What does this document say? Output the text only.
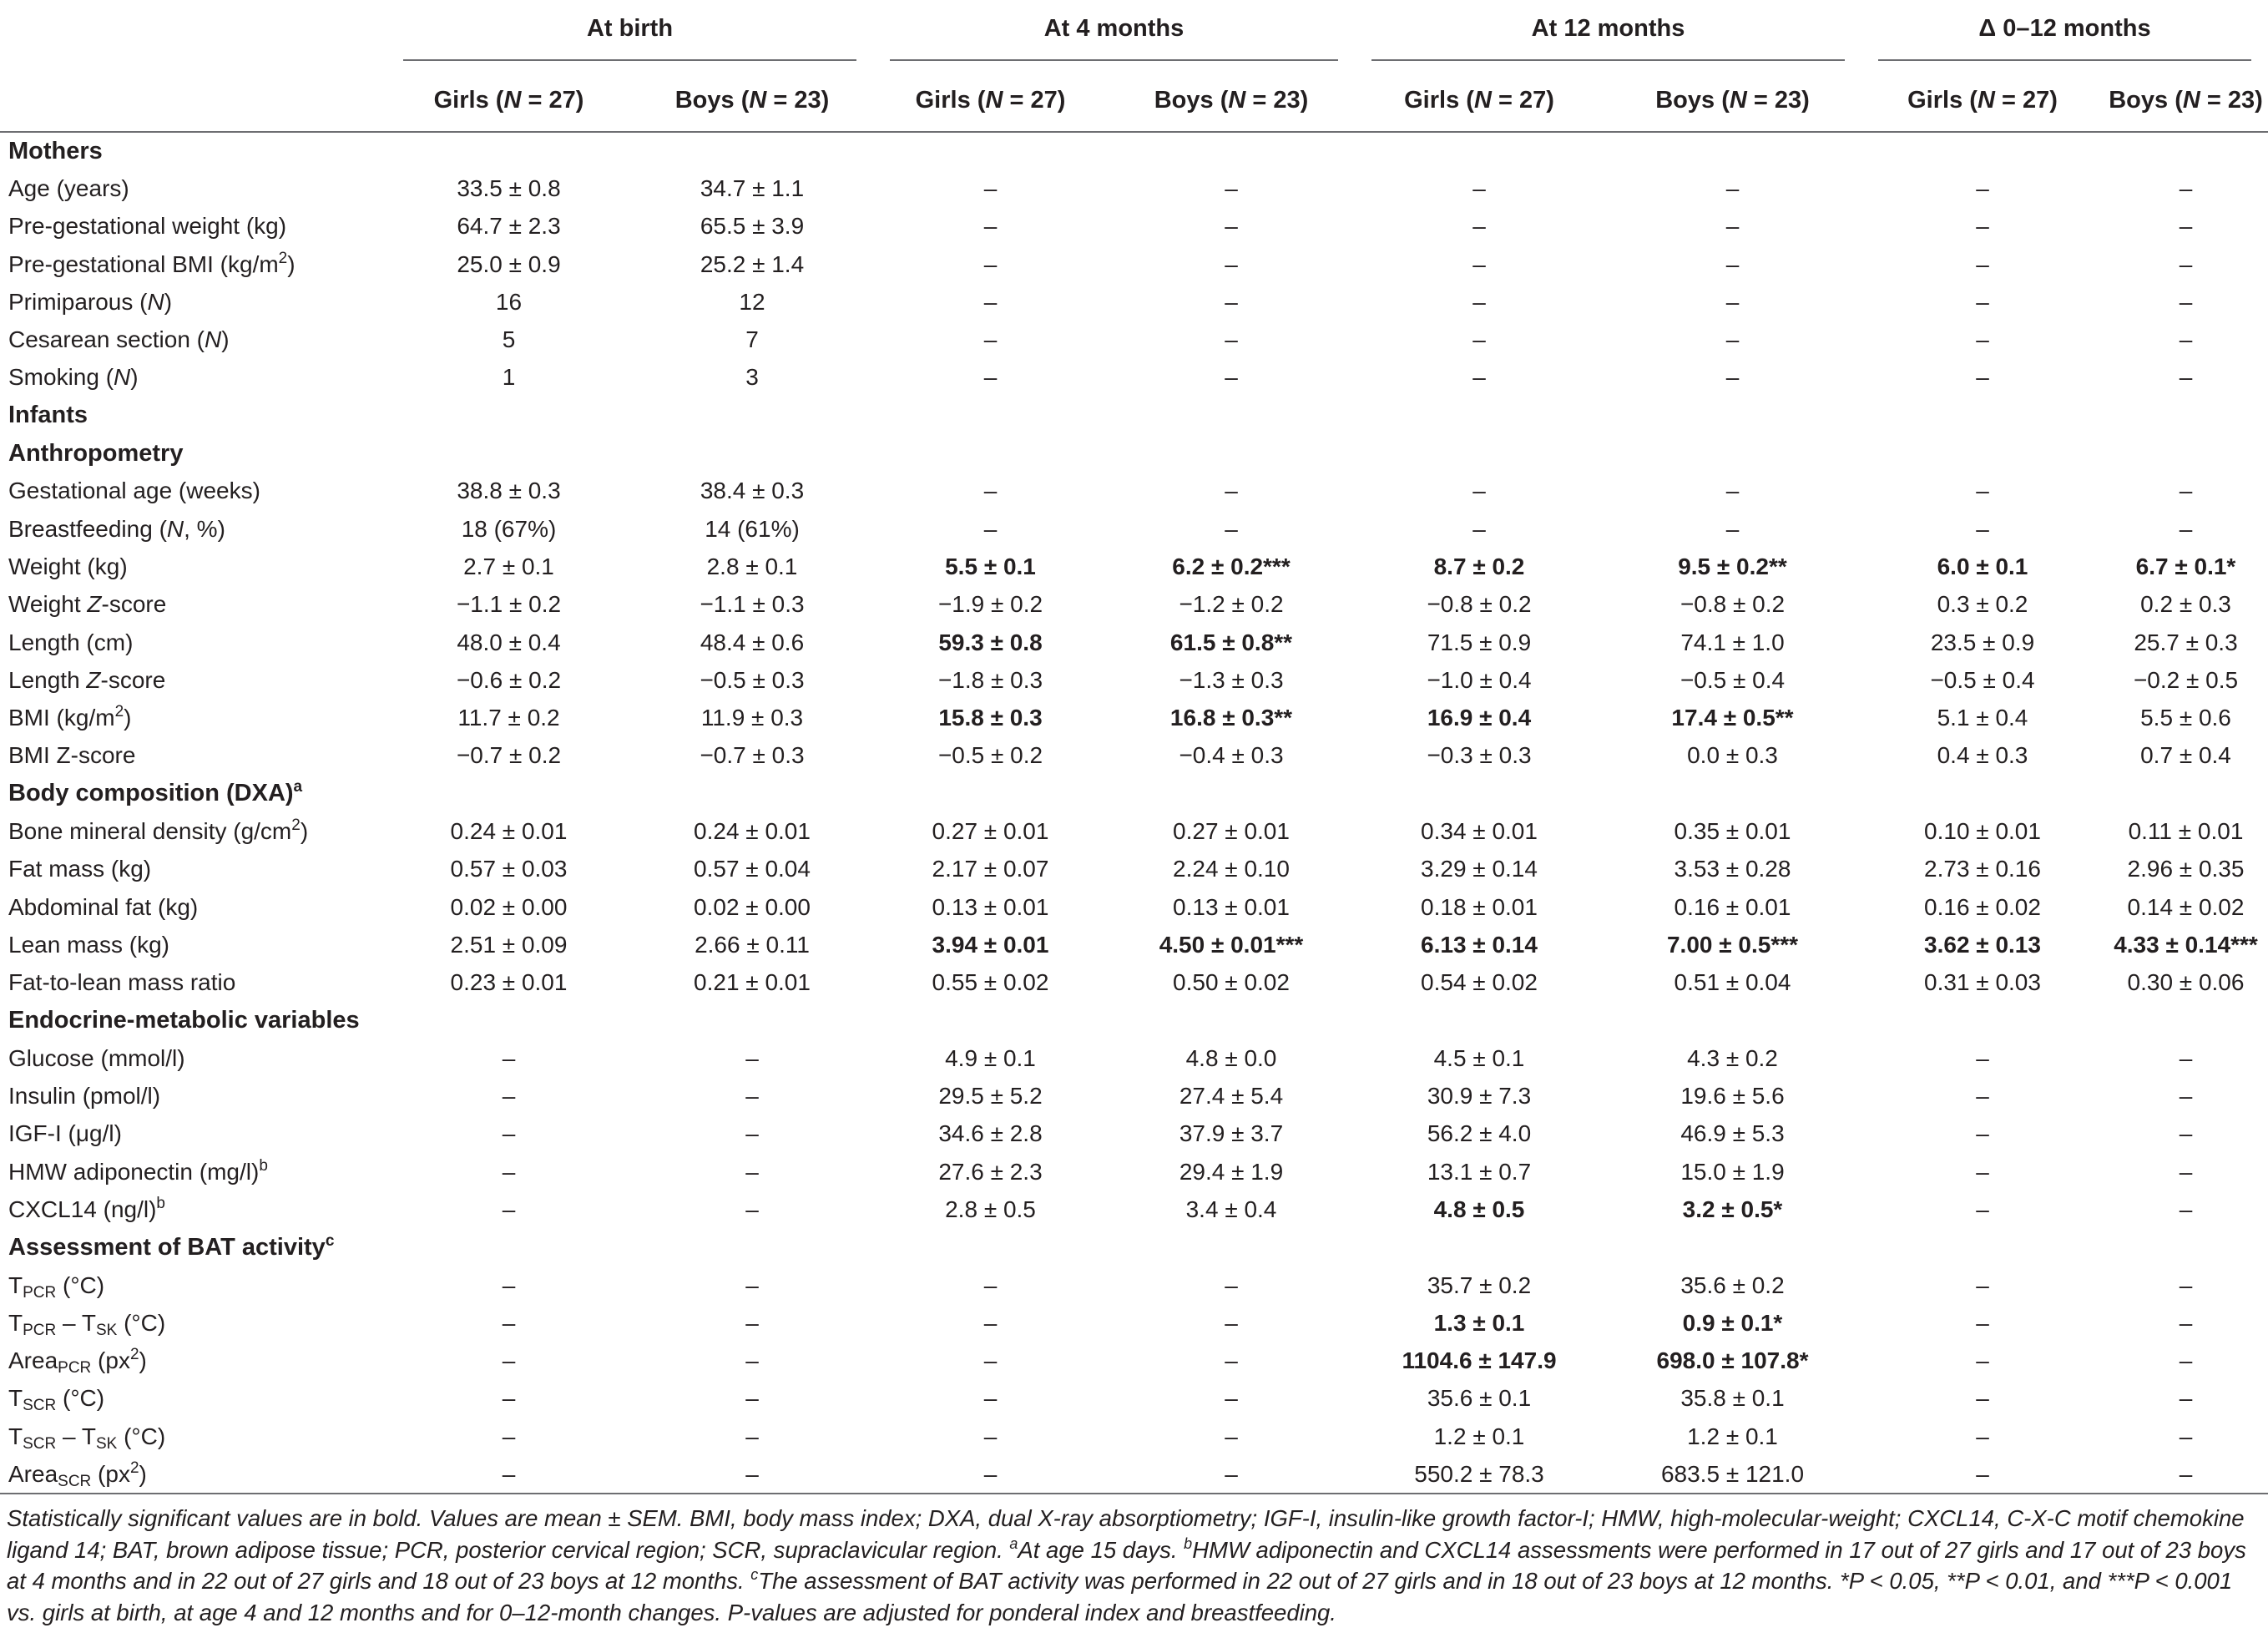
	At birth		At 4 months		At 12 months		Δ 0–12 months	

	Girls (N = 27)	Boys (N = 23)	Girls (N = 27)	Boys (N = 23)	Girls (N = 27)	Boys (N = 23)	Girls (N = 27)	Boys (N = 23)
Mothers								
Age (years)	33.5 ± 0.8	34.7 ± 1.1	–	–	–	–	–	–
Pre-gestational weight (kg)	64.7 ± 2.3	65.5 ± 3.9	–	–	–	–	–	–
Pre-gestational BMI $(kg/m^2)$	25.0 ± 0.9	25.2 ± 1.4	–	–	–	–	–	–
Primiparous (N)	16	12	–	–	–	–	–	–
Cesarean section (N)	5	7	–	–	–	–	–	–
Smoking (N)	1	3	–	–	–	–	–	–
Infants								
Anthropometry								
Gestational age (weeks)	38.8 ± 0.3	38.4 ± 0.3	–	–	–	–	–	–
Breastfeeding (N, %)	18 (67%)	14 (61%)	–	–	–	–	–	–
Weight (kg)	2.7 ± 0.1	2.8 ± 0.1	5.5 ± 0.1	6.2 ± 0.2***	8.7 ± 0.2	9.5 ± 0.2**	6.0 ± 0.1	6.7 ± 0.1*
Weight Z-score	−1.1 ± 0.2	−1.1 ± 0.3	−1.9 ± 0.2	−1.2 ± 0.2	−0.8 ± 0.2	−0.8 ± 0.2	0.3 ± 0.2	0.2 ± 0.3
Length (cm)	48.0 ± 0.4	48.4 ± 0.6	59.3 ± 0.8	61.5 ± 0.8**	71.5 ± 0.9	74.1 ± 1.0	23.5 ± 0.9	25.7 ± 0.3
Length Z-score	−0.6 ± 0.2	−0.5 ± 0.3	−1.8 ± 0.3	−1.3 ± 0.3	−1.0 ± 0.4	−0.5 ± 0.4	−0.5 ± 0.4	−0.2 ± 0.5
BMI $(kg/m^2)$	11.7 ± 0.2	11.9 ± 0.3	15.8 ± 0.3	16.8 ± 0.3**	16.9 ± 0.4	17.4 ± 0.5**	5.1 ± 0.4	5.5 ± 0.6
BMI Z-score	−0.7 ± 0.2	−0.7 ± 0.3	−0.5 ± 0.2	−0.4 ± 0.3	−0.3 ± 0.3	0.0 ± 0.3	0.4 ± 0.3	0.7 ± 0.4
Body composition (DXA)$^a$
Bone mineral density $(g/cm^2)$	0.24 ± 0.01	0.24 ± 0.01	0.27 ± 0.01	0.27 ± 0.01	0.34 ± 0.01	0.35 ± 0.01	0.10 ± 0.01	0.11 ± 0.01
Fat mass (kg)	0.57 ± 0.03	0.57 ± 0.04	2.17 ± 0.07	2.24 ± 0.10	3.29 ± 0.14	3.53 ± 0.28	2.73 ± 0.16	2.96 ± 0.35
Abdominal fat (kg)	0.02 ± 0.00	0.02 ± 0.00	0.13 ± 0.01	0.13 ± 0.01	0.18 ± 0.01	0.16 ± 0.01	0.16 ± 0.02	0.14 ± 0.02
Lean mass (kg)	2.51 ± 0.09	2.66 ± 0.11	3.94 ± 0.01	4.50 ± 0.01***	6.13 ± 0.14	7.00 ± 0.5***	3.62 ± 0.13	4.33 ± 0.14***
Fat-to-lean mass ratio	0.23 ± 0.01	0.21 ± 0.01	0.55 ± 0.02	0.50 ± 0.02	0.54 ± 0.02	0.51 ± 0.04	0.31 ± 0.03	0.30 ± 0.06
Endocrine-metabolic variables								
Glucose (mmol/l)	–	–	4.9 ± 0.1	4.8 ± 0.0	4.5 ± 0.1	4.3 ± 0.2	–	–
Insulin (pmol/l)	–	–	29.5 ± 5.2	27.4 ± 5.4	30.9 ± 7.3	19.6 ± 5.6	–	–
IGF-I (μg/l)	–	–	34.6 ± 2.8	37.9 ± 3.7	56.2 ± 4.0	46.9 ± 5.3	–	–
HMW adiponectin $(mg/l)^b$	–	–	27.6 ± 2.3	29.4 ± 1.9	13.1 ± 0.7	15.0 ± 1.9	–	–
CXCL14 $(ng/l)^b$	–	–	2.8 ± 0.5	3.4 ± 0.4	4.8 ± 0.5	3.2 ± 0.5*	–	–
Assessment of BAT activity$^c$
$T_{PCR}$ (°C)	–	–	–	–	35.7 ± 0.2	35.6 ± 0.2	–	–
$T_{PCR} - T_{SK}$ (°C)	–	–	–	–	1.3 ± 0.1	0.9 ± 0.1*	–	–
Area$_{PCR}$ $(px^2)$	–	–	–	–	1104.6 ± 147.9	698.0 ± 107.8*	–	–
$T_{SCR}$ (°C)	–	–	–	–	35.6 ± 0.1	35.8 ± 0.1	–	–
$T_{SCR} - T_{SK}$ (°C)	–	–	–	–	1.2 ± 0.1	1.2 ± 0.1	–	–
Area$_{SCR}$ $(px^2)$	–	–	–	–	550.2 ± 78.3	683.5 ± 121.0	–	–
Statistically significant values are in bold. Values are mean ± SEM. BMI, body mass index; DXA, dual X-ray absorptiometry; IGF-I, insulin-like growth factor-I; HMW, high-molecular-weight; CXCL14, C-X-C motif chemokine ligand 14; BAT, brown adipose tissue; PCR, posterior cervical region; SCR, supraclavicular region. $^a$At age 15 days. $^b$HMW adiponectin and CXCL14 assessments were performed in 17 out of 27 girls and 17 out of 23 boys at 4 months and in 22 out of 27 girls and 18 out of 23 boys at 12 months. $^c$The assessment of BAT activity was performed in 22 out of 27 girls and in 18 out of 23 boys at 12 months. *P < 0.05, **P < 0.01, and ***P < 0.001 vs. girls at birth, at age 4 and 12 months and for 0–12-month changes. P-values are adjusted for ponderal index and breastfeeding.
